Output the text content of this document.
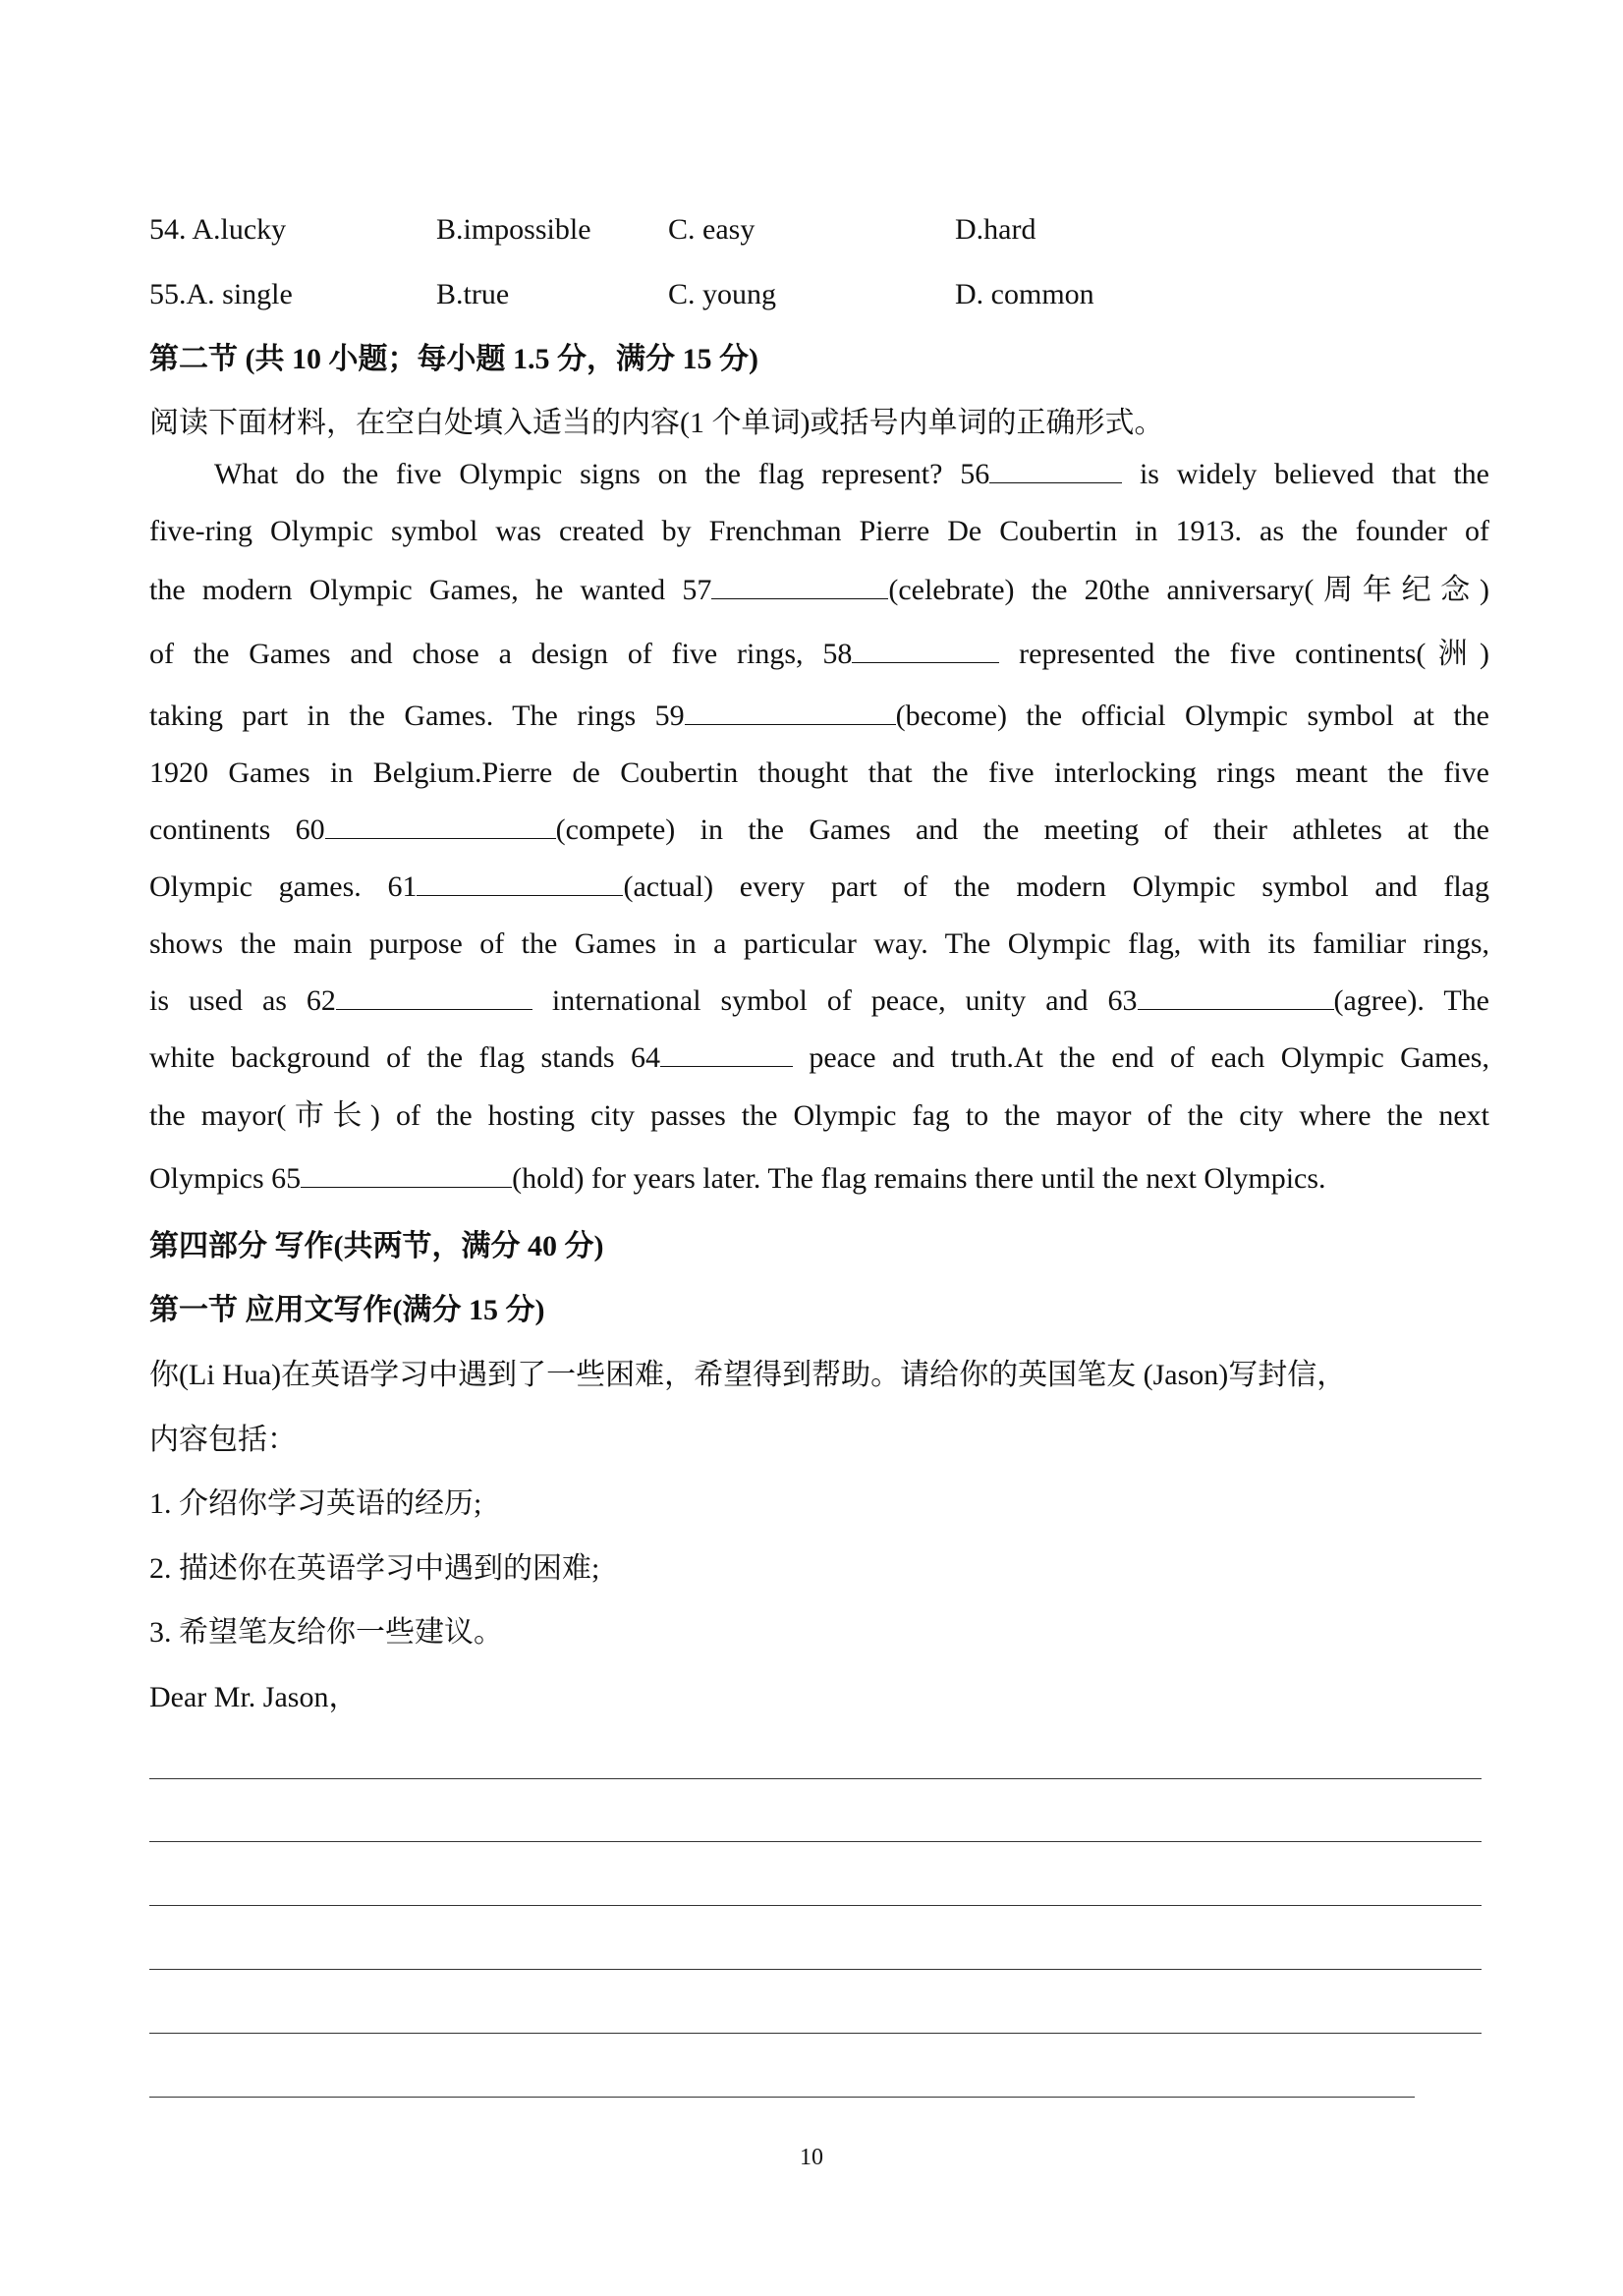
54. A.lucky	B.impossible	C. easy	D.hard
55.A. single	B.true	C. young	D. common
第二节 (共 10 小题；每小题 1.5 分，满分 15 分)
阅读下面材料，在空白处填入适当的内容(1 个单词)或括号内单词的正确形式。
What do the five Olympic signs on the flag represent? 56	is widely believed that the
five-ring Olympic symbol was created by Frenchman Pierre De Coubertin in 1913. as the founder of
the modern Olympic Games, he wanted 57	(celebrate) the 20the anniversary(周年纪念)
of the Games and chose a design of five rings, 58	represented the five continents(洲)
taking part in the Games. The rings 59	(become) the official Olympic symbol at the
1920 Games in Belgium.Pierre de Coubertin thought that the five interlocking rings meant the five
continents 60	(compete) in the Games and the meeting of their athletes at the
Olympic games. 61	(actual) every part of the modern Olympic symbol and flag
shows the main purpose of the Games in a particular way. The Olympic flag, with its familiar rings,
is used as 62	international symbol of peace, unity and 63	(agree). The
white background of the flag stands 64	peace and truth.At the end of each Olympic Games,
the mayor(市长) of the hosting city passes the Olympic fag to the mayor of the city where the next
Olympics 65	(hold) for years later. The flag remains there until the next Olympics.
第四部分 写作(共两节，满分 40 分)
第一节 应用文写作(满分 15 分)
你(Li Hua)在英语学习中遇到了一些困难，希望得到帮助。请给你的英国笔友 (Jason)写封信，
内容包括：
1. 介绍你学习英语的经历;
2. 描述你在英语学习中遇到的困难;
3. 希望笔友给你一些建议。
Dear Mr. Jason，
10
